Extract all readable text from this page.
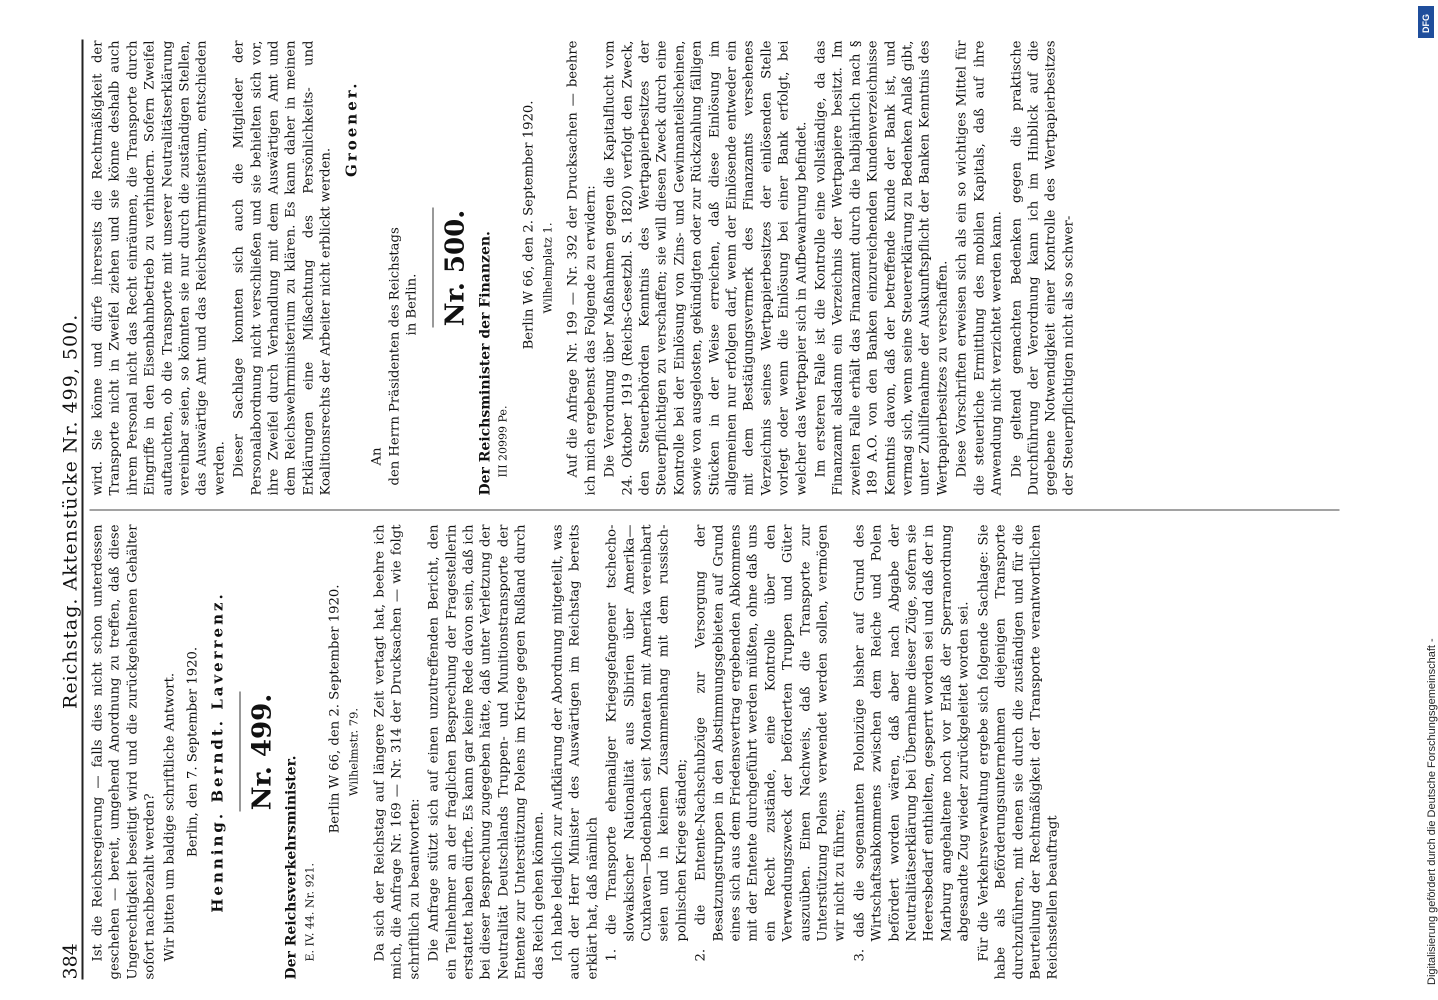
384
Reichstag. Aktenstücke Nr. 499, 500.

Ist die Reichsregierung — falls dies nicht schon unterdessen geschehen — bereit, umgehend Anordnung zu treffen, daß diese Ungerechtigkeit beseitigt wird und die zurückgehaltenen Gehälter sofort nachbezahlt werden? Wir bitten um baldige schriftliche Antwort. Berlin, den 7. September 1920. Henning. Berndt. Laverrenz. Nr. 499.

Der Reichsverkehrsminister. E. IV. 44. Nr. 921.

Berlin W 66, den 2. September 1920. Wilhelmstr. 79. Da sich der Reichstag auf längere Zeit vertagt hat, beehre ich mich, die Anfrage Nr. 169 — Nr. 314 der Drucksachen — wie folgt schriftlich zu beantworten: Die Anfrage stützt sich auf einen unzutreffenden Bericht, den ein Teilnehmer an der fraglichen Besprechung der Fragestellerin erstattet haben dürfte. Es kann gar keine Rede davon sein, daß ich bei dieser Besprechung zugegeben hätte, daß unter Verletzung der Neutralität Deutschlands Truppen- und Munitionstransporte der Entente zur Unterstützung Polens im Kriege gegen Rußland durch das Reich gehen können. Ich habe lediglich zur Aufklärung der Abordnung mitgeteilt, was auch der Herr Minister des Auswärtigen im Reichstag bereits erklärt hat, daß nämlich 1. die Transporte ehemaliger Kriegsgefangener tschecho-slowakischer Nationalität aus Sibirien über Amerika—Cuxhaven—Bodenbach seit Monaten mit Amerika vereinbart seien und in keinem Zusammenhang mit dem russisch-polnischen Kriege ständen; 2. die Entente-Nachschubzüge zur Versorgung der Besatzungstruppen in den Abstimmungsgebieten auf Grund eines sich aus dem Friedensvertrag ergebenden Abkommens mit der Entente durchgeführt werden müßten, ohne daß uns ein Recht zustände, eine Kontrolle über den Verwendungszweck der beförderten Truppen und Güter auszuüben. Einen Nachweis, daß die Transporte zur Unterstützung Polens verwendet werden sollen, vermögen wir nicht zu führen; 3. daß die sogenannten Polonizüge bisher auf Grund des Wirtschaftsabkommens zwischen dem Reiche und Polen befördert worden wären, daß aber nach Abgabe der Neutralitätserklärung bei Übernahme dieser Züge, sofern sie Heeresbedarf enthielten, gesperrt worden sei und daß der in Marburg angehaltene noch vor Erlaß der Sperranordnung abgesandte Zug wieder zurückgeleitet worden sei. Für die Verkehrsverwaltung ergebe sich folgende Sachlage: Sie habe als Beförderungsunternehmen diejenigen Transporte durchzuführen, mit denen sie durch die zuständigen und für die Beurteilung der Rechtmäßigkeit der Transporte verantwortlichen Reichsstellen beauftragt

wird. Sie könne und dürfe ihrerseits die Rechtmäßigkeit der Transporte nicht in Zweifel ziehen und sie könne deshalb auch ihrem Personal nicht das Recht einräumen, die Transporte durch Eingriffe in den Eisenbahnbetrieb zu verhindern. Sofern Zweifel auftauchten, ob die Transporte mit unserer Neutralitätserklärung vereinbar seien, so könnten sie nur durch die zuständigen Stellen, das Auswärtige Amt und das Reichswehrministerium, entschieden werden. Dieser Sachlage konnten sich auch die Mitglieder der Personalabordnung nicht verschließen und sie behielten sich vor, ihre Zweifel durch Verhandlung mit dem Auswärtigen Amt und dem Reichswehrministerium zu klären. Es kann daher in meinen Erklärungen eine Mißachtung des Persönlichkeits- und Koalitionsrechts der Arbeiter nicht erblickt werden.

Groener.

An den Herrn Präsidenten des Reichstags in Berlin. Nr. 500. Der Reichsminister der Finanzen. III 20999 Pe.

Berlin W 66, den 2. September 1920. Wilhelmplatz 1. Auf die Anfrage Nr. 199 — Nr. 392 der Drucksachen — beehre ich mich ergebenst das Folgende zu erwidern: Die Verordnung über Maßnahmen gegen die Kapitalflucht vom 24. Oktober 1919 (Reichs-Gesetzbl. S. 1820) verfolgt den Zweck, den Steuerbehörden Kenntnis des Wertpapierbesitzes der Steuerpflichtigen zu verschaffen; sie will diesen Zweck durch eine Kontrolle bei der Einlösung von Zins- und Gewinnanteilscheinen, sowie von ausgelosten, gekündigten oder zur Rückzahlung fälligen Stücken in der Weise erreichen, daß diese Einlösung im allgemeinen nur erfolgen darf, wenn der Einlösende entweder ein mit dem Bestätigungsvermerk des Finanzamts versehenes Verzeichnis seines Wertpapierbesitzes der einlösenden Stelle vorlegt oder wenn die Einlösung bei einer Bank erfolgt, bei welcher das Wertpapier sich in Aufbewahrung befindet. Im ersteren Falle ist die Kontrolle eine vollständige, da das Finanzamt alsdann ein Verzeichnis der Wertpapiere besitzt. Im zweiten Falle erhält das Finanzamt durch die halbjährlich nach § 189 A.O. von den Banken einzureichenden Kundenverzeichnisse Kenntnis davon, daß der betreffende Kunde der Bank ist, und vermag sich, wenn seine Steuererklärung zu Bedenken Anlaß gibt, unter Zuhilfenahme der Auskunftspflicht der Banken Kenntnis des Wertpapierbesitzes zu verschaffen. Diese Vorschriften erweisen sich als ein so wichtiges Mittel für die steuerliche Ermittlung des mobilen Kapitals, daß auf ihre Anwendung nicht verzichtet werden kann. Die geltend gemachten Bedenken gegen die praktische Durchführung der Verordnung kann ich im Hinblick auf die gegebene Notwendigkeit einer Kontrolle des Wertpapierbesitzes der Steuerpflichtigen nicht als so schwer-

DFG
Digitalisierung gefördert durch die Deutsche Forschungsgemeinschaft -
